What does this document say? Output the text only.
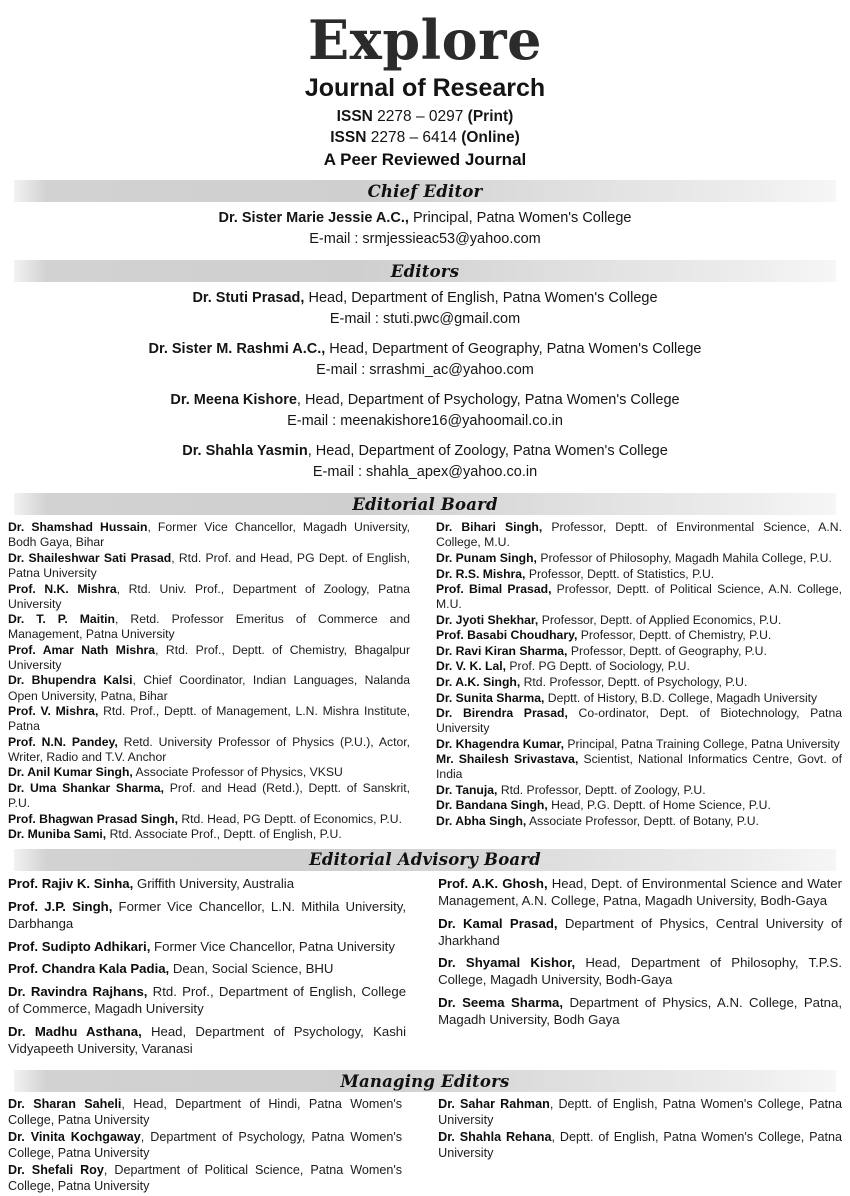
Explore
Journal of Research
ISSN 2278 – 0297 (Print)
ISSN 2278 – 6414 (Online)
A Peer Reviewed Journal
Chief Editor
Dr. Sister Marie Jessie A.C., Principal, Patna Women's College
E-mail : srmjessieac53@yahoo.com
Editors
Dr. Stuti Prasad, Head, Department of English, Patna Women's College
E-mail : stuti.pwc@gmail.com
Dr. Sister M. Rashmi A.C., Head, Department of Geography, Patna Women's College
E-mail : srrashmi_ac@yahoo.com
Dr. Meena Kishore, Head, Department of Psychology, Patna Women's College
E-mail : meenakishore16@yahoomail.co.in
Dr. Shahla Yasmin, Head, Department of Zoology, Patna Women's College
E-mail : shahla_apex@yahoo.co.in
Editorial Board

Dr. Shamshad Hussain, Former Vice Chancellor, Magadh University, Bodh Gaya, Bihar

Dr. Shaileshwar Sati Prasad, Rtd. Prof. and Head, PG Dept. of English, Patna University

Prof. N.K. Mishra, Rtd. Univ. Prof., Department of Zoology, Patna University

Dr. T. P. Maitin, Retd. Professor Emeritus of Commerce and Management, Patna University

Prof. Amar Nath Mishra, Rtd. Prof., Deptt. of Chemistry, Bhagalpur University

Dr. Bhupendra Kalsi, Chief Coordinator, Indian Languages, Nalanda Open University, Patna, Bihar

Prof. V. Mishra, Rtd. Prof., Deptt. of Management, L.N. Mishra Institute, Patna

Prof. N.N. Pandey, Retd. University Professor of Physics (P.U.), Actor, Writer, Radio and T.V. Anchor

Dr. Anil Kumar Singh, Associate Professor of Physics, VKSU

Dr. Uma Shankar Sharma, Prof. and Head (Retd.), Deptt. of Sanskrit, P.U.

Prof. Bhagwan Prasad Singh, Rtd. Head, PG Deptt. of Economics, P.U.

Dr. Muniba Sami, Rtd. Associate Prof., Deptt. of English, P.U.

Dr. Bihari Singh, Professor, Deptt. of Environmental Science, A.N. College, M.U.

Dr. Punam Singh, Professor of Philosophy, Magadh Mahila College, P.U.

Dr. R.S. Mishra, Professor, Deptt. of Statistics, P.U.

Prof. Bimal Prasad, Professor, Deptt. of Political Science, A.N. College, M.U.

Dr. Jyoti Shekhar, Professor, Deptt. of Applied Economics, P.U.

Prof. Basabi Choudhary, Professor, Deptt. of Chemistry, P.U.

Dr. Ravi Kiran Sharma, Professor, Deptt. of Geography, P.U.

Dr. V. K. Lal, Prof. PG Deptt. of Sociology, P.U.

Dr. A.K. Singh, Rtd. Professor, Deptt. of Psychology, P.U.

Dr. Sunita Sharma, Deptt. of History, B.D. College, Magadh University

Dr. Birendra Prasad, Co-ordinator, Dept. of Biotechnology, Patna University

Dr. Khagendra Kumar, Principal, Patna Training College, Patna University

Mr. Shailesh Srivastava, Scientist, National Informatics Centre, Govt. of India

Dr. Tanuja, Rtd. Professor, Deptt. of Zoology, P.U.

Dr. Bandana Singh, Head, P.G. Deptt. of Home Science, P.U.

Dr. Abha Singh, Associate Professor, Deptt. of Botany, P.U.

Editorial Advisory Board

Prof. Rajiv K. Sinha, Griffith University, Australia

Prof. J.P. Singh, Former Vice Chancellor, L.N. Mithila University, Darbhanga

Prof. Sudipto Adhikari, Former Vice Chancellor, Patna University

Prof. Chandra Kala Padia, Dean, Social Science, BHU

Dr. Ravindra Rajhans, Rtd. Prof., Department of English, College of Commerce, Magadh University

Dr. Madhu Asthana, Head, Department of Psychology, Kashi Vidyapeeth University, Varanasi

Prof. A.K. Ghosh, Head, Dept. of Environmental Science and Water Management, A.N. College, Patna, Magadh University, Bodh-Gaya

Dr. Kamal Prasad, Department of Physics, Central University of Jharkhand

Dr. Shyamal Kishor, Head, Department of Philosophy, T.P.S. College, Magadh University, Bodh-Gaya

Dr. Seema Sharma, Department of Physics, A.N. College, Patna, Magadh University, Bodh Gaya

Managing Editors

Dr. Sharan Saheli, Head, Department of Hindi, Patna Women's College, Patna University

Dr. Vinita Kochgaway, Department of Psychology, Patna Women's College, Patna University

Dr. Shefali Roy, Department of Political Science, Patna Women's College, Patna University

Dr. Sahar Rahman, Deptt. of English, Patna Women's College, Patna University

Dr. Shahla Rehana, Deptt. of English, Patna Women's College, Patna University
